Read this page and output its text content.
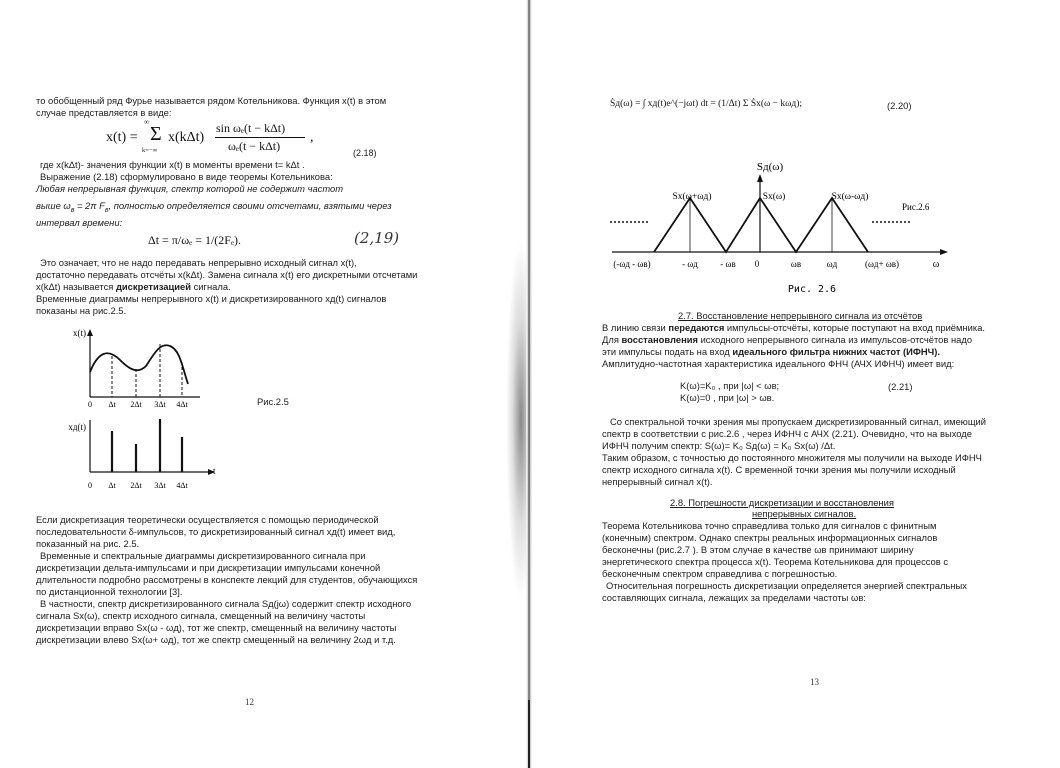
то обобщенный ряд Фурье называется рядом Котельникова. Функция x(t) в этом
случае представляется в виде:
x(t) =
∞
Σ
k=−∞
x(kΔt)
sin ωₑ(t − kΔt)
ωₑ(t − kΔt)
,
(2.18)
где x(kΔt)- значения функции x(t) в моменты времени t= kΔt .
Выражение (2.18) сформулировано в виде теоремы Котельникова:
Любая непрерывная функция, спектр которой не содержит частот
выше $\omega_в = 2\pi$ $F_в$, полностью определяется своими отсчетами, взятыми через
интервал времени:
Δt = π/ωₑ = 1/(2Fₑ).	(2,19)
Это означает, что не надо передавать непрерывно исходный сигнал x(t),
достаточно передавать отсчёты x(kΔt). Замена сигнала x(t) его дискретными отсчетами
x(kΔt) называется дискретизацией сигнала.
Временные диаграммы непрерывного x(t) и дискретизированного xд(t) сигналов
показаны на рис.2.5.
x(t)
0 Δt 2Δt 3Δt 4Δt
t
xд(t)
0 Δt 2Δt 3Δt 4Δt
Рис.2.5
Если дискретизация теоретически осуществляется с помощью периодической
последовательности δ-импульсов, то дискретизированный сигнал xд(t) имеет вид,
показанный на рис. 2.5.
Временные и спектральные диаграммы дискретизированного сигнала при
дискретизации дельта-импульсами и при дискретизации импульсами конечной
длительности подробно рассмотрены в конспекте лекций для студентов, обучающихся
по дистанционной технологии [3].
В частности, спектр дискретизированного сигнала Sд(jω) содержит спектр исходного
сигнала Sx(ω), спектр исходного сигнала, смещенный на величину частоты
дискретизации вправо Sx(ω - ωд), тот же спектр, смещенный на величину частоты
дискретизации влево Sx(ω+ ωд), тот же спектр смещенный на величину 2ωд и т.д.
12
Ṡд(ω) = ∫ xд(t)e^(−jωt) dt = (1/Δt) Σ Ṡx(ω − kωд);	(2.20)
Sд(ω)
Sx(ω+ωд)	Sx(ω)	Sx(ω-ωд)
Рис.2.6
(-ωд - ωв)	- ωд - ωв 0	ωв	ωд	(ωд+ ωв)	ω
Рис. 2.6
2.7. Восстановление непрерывного сигнала из отсчётов
В линию связи передаются импульсы-отсчёты, которые поступают на вход приёмника.
Для восстановления исходного непрерывного сигнала из импульсов-отсчётов надо
эти импульсы подать на вход идеального фильтра нижних частот (ИФНЧ).
Амплитудно-частотная характеристика идеального ФНЧ (АЧХ ИФНЧ) имеет вид:
K(ω)=K₀ , при |ω| < ωв;
K(ω)=0 , при |ω| > ωв.
(2.21)
Со спектральной точки зрения мы пропускаем дискретизированный сигнал, имеющий
спектр в соответствии с рис.2.6 , через ИФНЧ с АЧХ (2.21). Очевидно, что на выходе
ИФНЧ получим спектр: S(ω)= K₀ Sд(ω) = K₀ Sx(ω) /Δt.
Таким образом, с точностью до постоянного множителя мы получили на выходе ИФНЧ
спектр исходного сигнала x(t). С временной точки зрения мы получили исходный
непрерывный сигнал x(t).
2.8. Погрешности дискретизации и восстановления
непрерывных сигналов.
Теорема Котельникова точно справедлива только для сигналов с финитным
(конечным) спектром. Однако спектры реальных информационных сигналов
бесконечны (рис.2.7 ). В этом случае в качестве ωв принимают ширину
энергетического спектра процесса x(t). Теорема Котельникова для процессов с
бесконечным спектром справедлива с погрешностью.
Относительная погрешность дискретизации определяется энергией спектральных
составляющих сигнала, лежащих за пределами частоты ωв:
13
